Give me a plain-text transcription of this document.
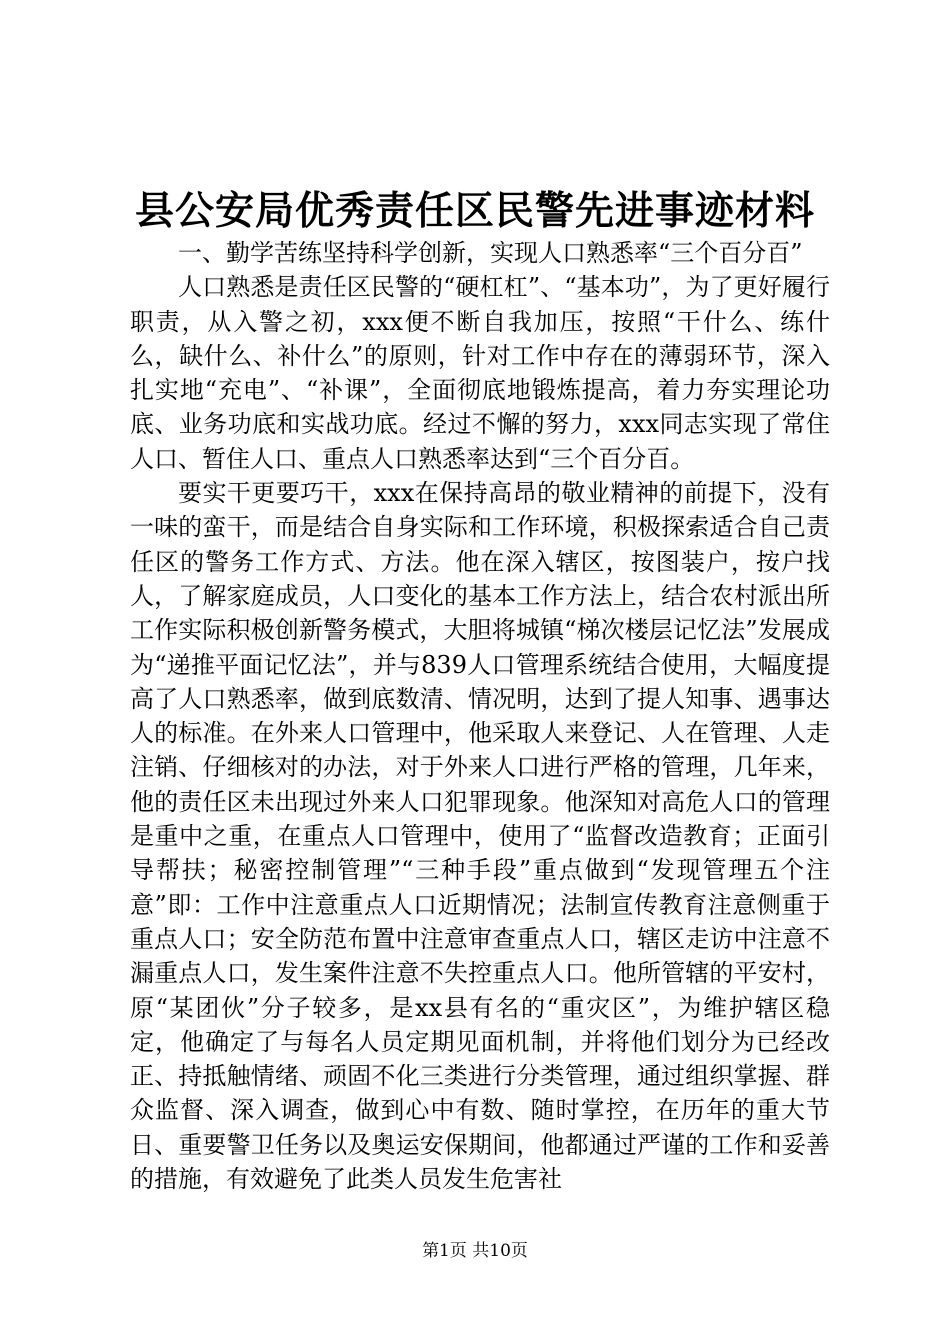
县公安局优秀责任区民警先进事迹材料

一、勤学苦练坚持科学创新，实现人口熟悉率“三个百分百”

人口熟悉是责任区民警的“硬杠杠”、“基本功”，为了更好履行职责，从入警之初，xxx便不断自我加压，按照“干什么、练什么，缺什么、补什么”的原则，针对工作中存在的薄弱环节，深入扎实地“充电”、“补课”，全面彻底地锻炼提高，着力夯实理论功底、业务功底和实战功底。经过不懈的努力，xxx同志实现了常住人口、暂住人口、重点人口熟悉率达到“三个百分百。

要实干更要巧干，xxx在保持高昂的敬业精神的前提下，没有一味的蛮干，而是结合自身实际和工作环境，积极探索适合自己责任区的警务工作方式、方法。他在深入辖区，按图装户，按户找人，了解家庭成员，人口变化的基本工作方法上，结合农村派出所工作实际积极创新警务模式，大胆将城镇“梯次楼层记忆法”发展成为“递推平面记忆法”，并与839人口管理系统结合使用，大幅度提高了人口熟悉率，做到底数清、情况明，达到了提人知事、遇事达人的标准。在外来人口管理中，他采取人来登记、人在管理、人走注销、仔细核对的办法，对于外来人口进行严格的管理，几年来，他的责任区未出现过外来人口犯罪现象。他深知对高危人口的管理是重中之重，在重点人口管理中，使用了“监督改造教育；正面引导帮扶；秘密控制管理”“三种手段”重点做到“发现管理五个注意”即：工作中注意重点人口近期情况；法制宣传教育注意侧重于重点人口；安全防范布置中注意审查重点人口，辖区走访中注意不漏重点人口，发生案件注意不失控重点人口。他所管辖的平安村，原“某团伙”分子较多，是xx县有名的“重灾区”，为维护辖区稳定，他确定了与每名人员定期见面机制，并将他们划分为已经改正、持抵触情绪、顽固不化三类进行分类管理，通过组织掌握、群众监督、深入调查，做到心中有数、随时掌控，在历年的重大节日、重要警卫任务以及奥运安保期间，他都通过严谨的工作和妥善的措施，有效避免了此类人员发生危害社

第1页 共10页
